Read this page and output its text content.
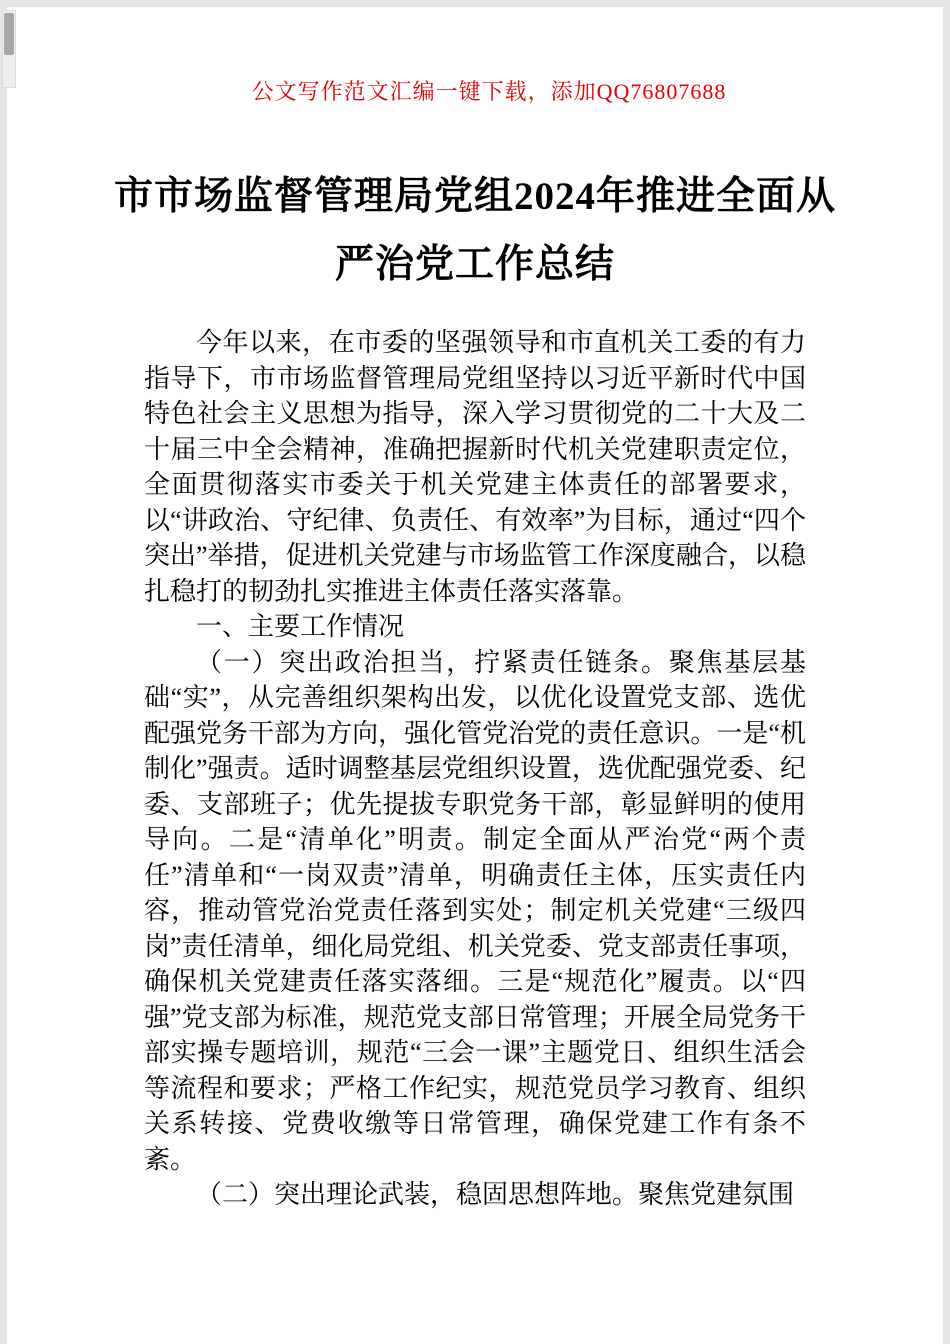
公文写作范文汇编一键下载，添加QQ76807688
市市场监督管理局党组2024年推进全面从
严治党工作总结

今年以来，在市委的坚强领导和市直机关工委的有力指导下，市市场监督管理局党组坚持以习近平新时代中国特色社会主义思想为指导，深入学习贯彻党的二十大及二十届三中全会精神，准确把握新时代机关党建职责定位，全面贯彻落实市委关于机关党建主体责任的部署要求，以“讲政治、守纪律、负责任、有效率”为目标，通过“四个突出”举措，促进机关党建与市场监管工作深度融合，以稳扎稳打的韧劲扎实推进主体责任落实落靠。

一、主要工作情况

（一）突出政治担当，拧紧责任链条。聚焦基层基础“实”，从完善组织架构出发，以优化设置党支部、选优配强党务干部为方向，强化管党治党的责任意识。一是“机制化”强责。适时调整基层党组织设置，选优配强党委、纪委、支部班子；优先提拔专职党务干部，彰显鲜明的使用导向。二是“清单化”明责。制定全面从严治党“两个责任”清单和“一岗双责”清单，明确责任主体，压实责任内容，推动管党治党责任落到实处；制定机关党建“三级四岗”责任清单，细化局党组、机关党委、党支部责任事项，确保机关党建责任落实落细。三是“规范化”履责。以“四强”党支部为标准，规范党支部日常管理；开展全局党务干部实操专题培训，规范“三会一课”主题党日、组织生活会等流程和要求；严格工作纪实，规范党员学习教育、组织关系转接、党费收缴等日常管理，确保党建工作有条不紊。

（二）突出理论武装，稳固思想阵地。聚焦党建氛围
